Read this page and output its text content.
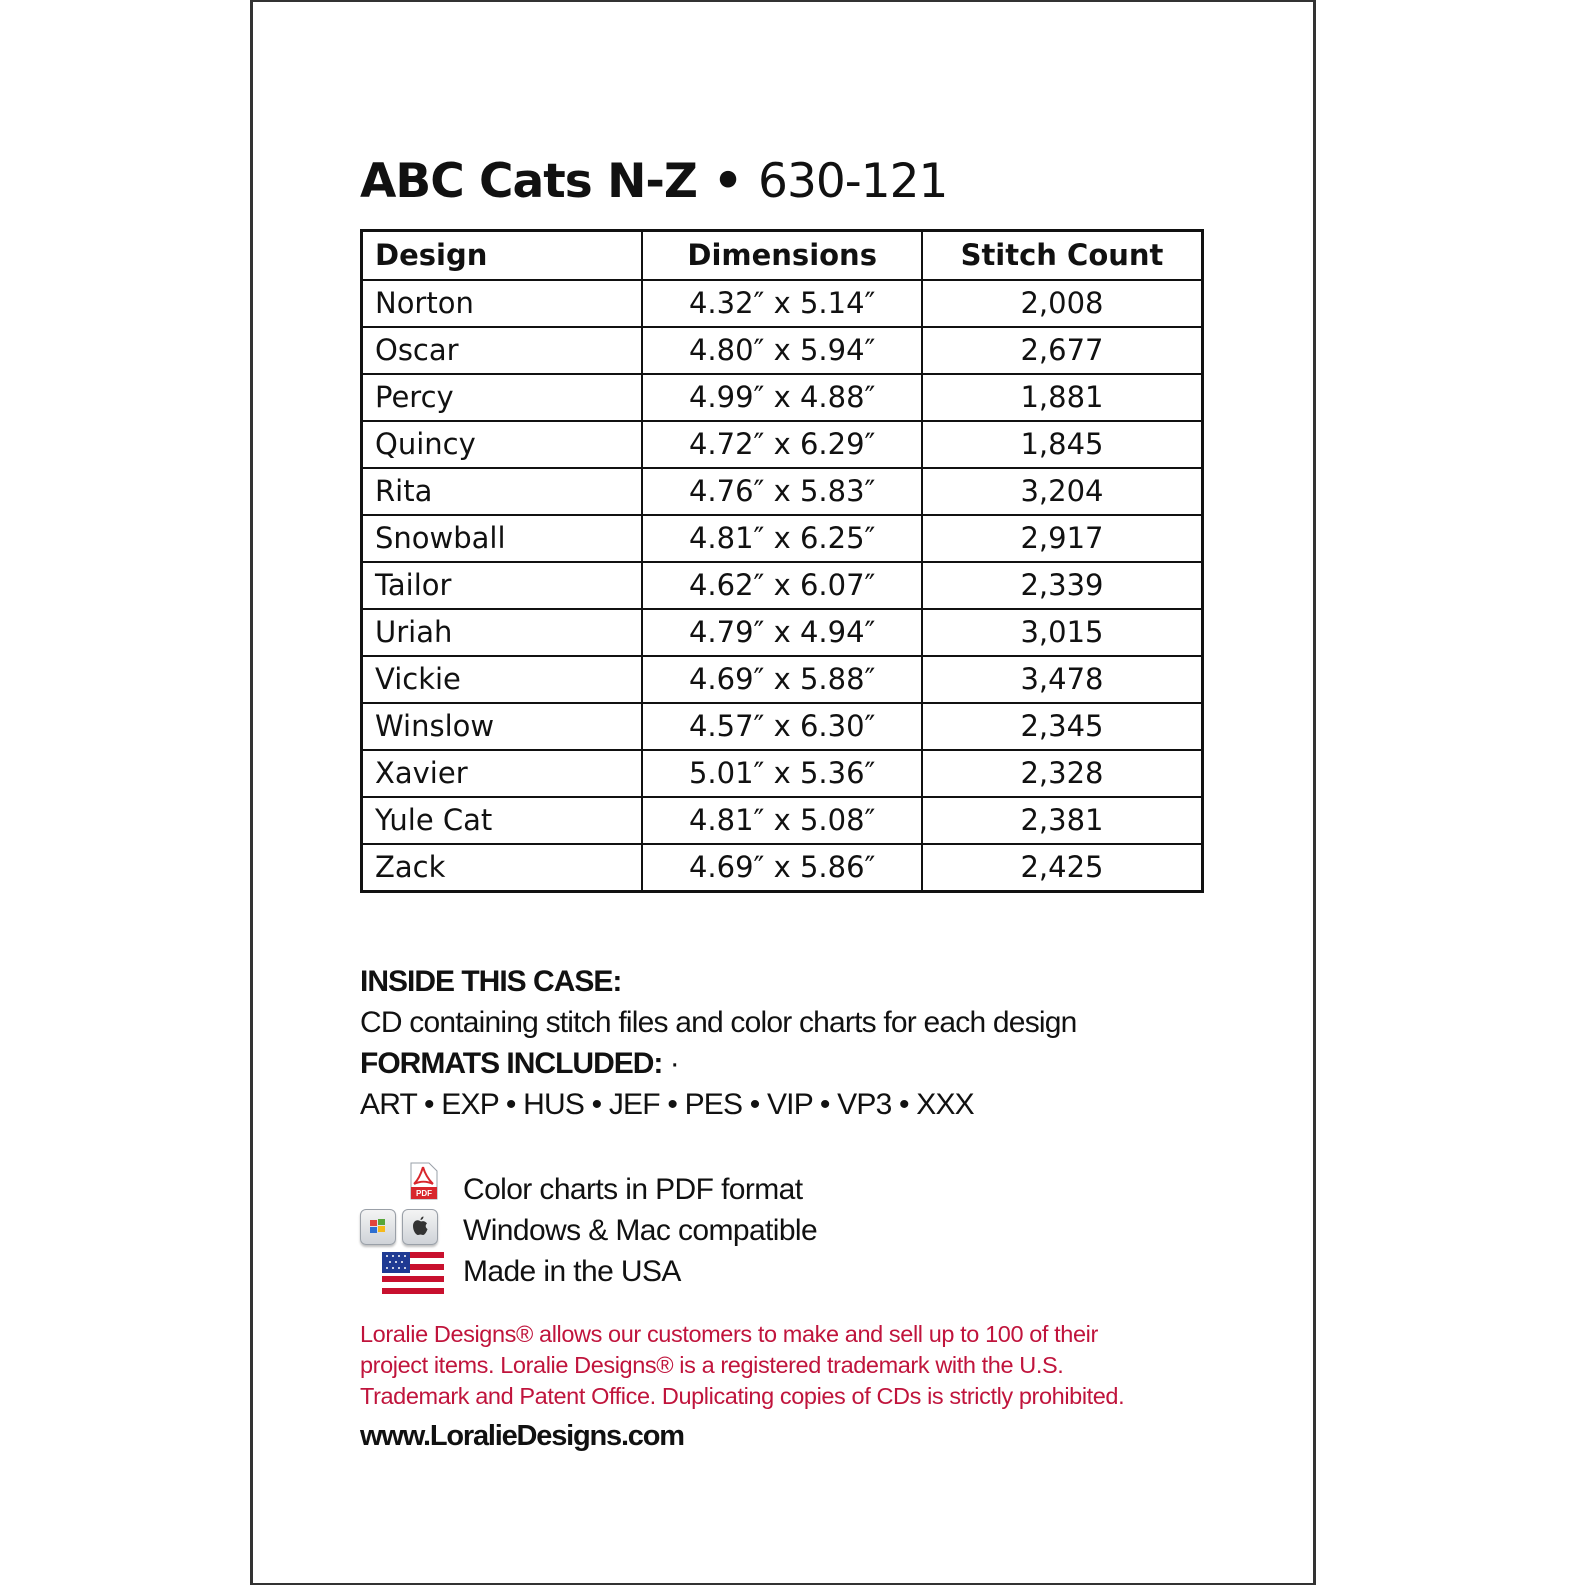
ABC Cats N-Z • 630-121
Design	Dimensions	Stitch Count
Norton	4.32″ x 5.14″	2,008
Oscar	4.80″ x 5.94″	2,677
Percy	4.99″ x 4.88″	1,881
Quincy	4.72″ x 6.29″	1,845
Rita	4.76″ x 5.83″	3,204
Snowball	4.81″ x 6.25″	2,917
Tailor	4.62″ x 6.07″	2,339
Uriah	4.79″ x 4.94″	3,015
Vickie	4.69″ x 5.88″	3,478
Winslow	4.57″ x 6.30″	2,345
Xavier	5.01″ x 5.36″	2,328
Yule Cat	4.81″ x 5.08″	2,381
Zack	4.69″ x 5.86″	2,425
INSIDE THIS CASE:
CD containing stitch files and color charts for each design
FORMATS INCLUDED: ·
ART • EXP • HUS • JEF • PES • VIP • VP3 • XXX
PDF Color charts in PDF format
Windows & Mac compatible
Made in the USA

Loralie Designs® allows our customers to make and sell up to 100 of their

project items. Loralie Designs® is a registered trademark with the U.S.

Trademark and Patent Office. Duplicating copies of CDs is strictly prohibited.

www.LoralieDesigns.com
